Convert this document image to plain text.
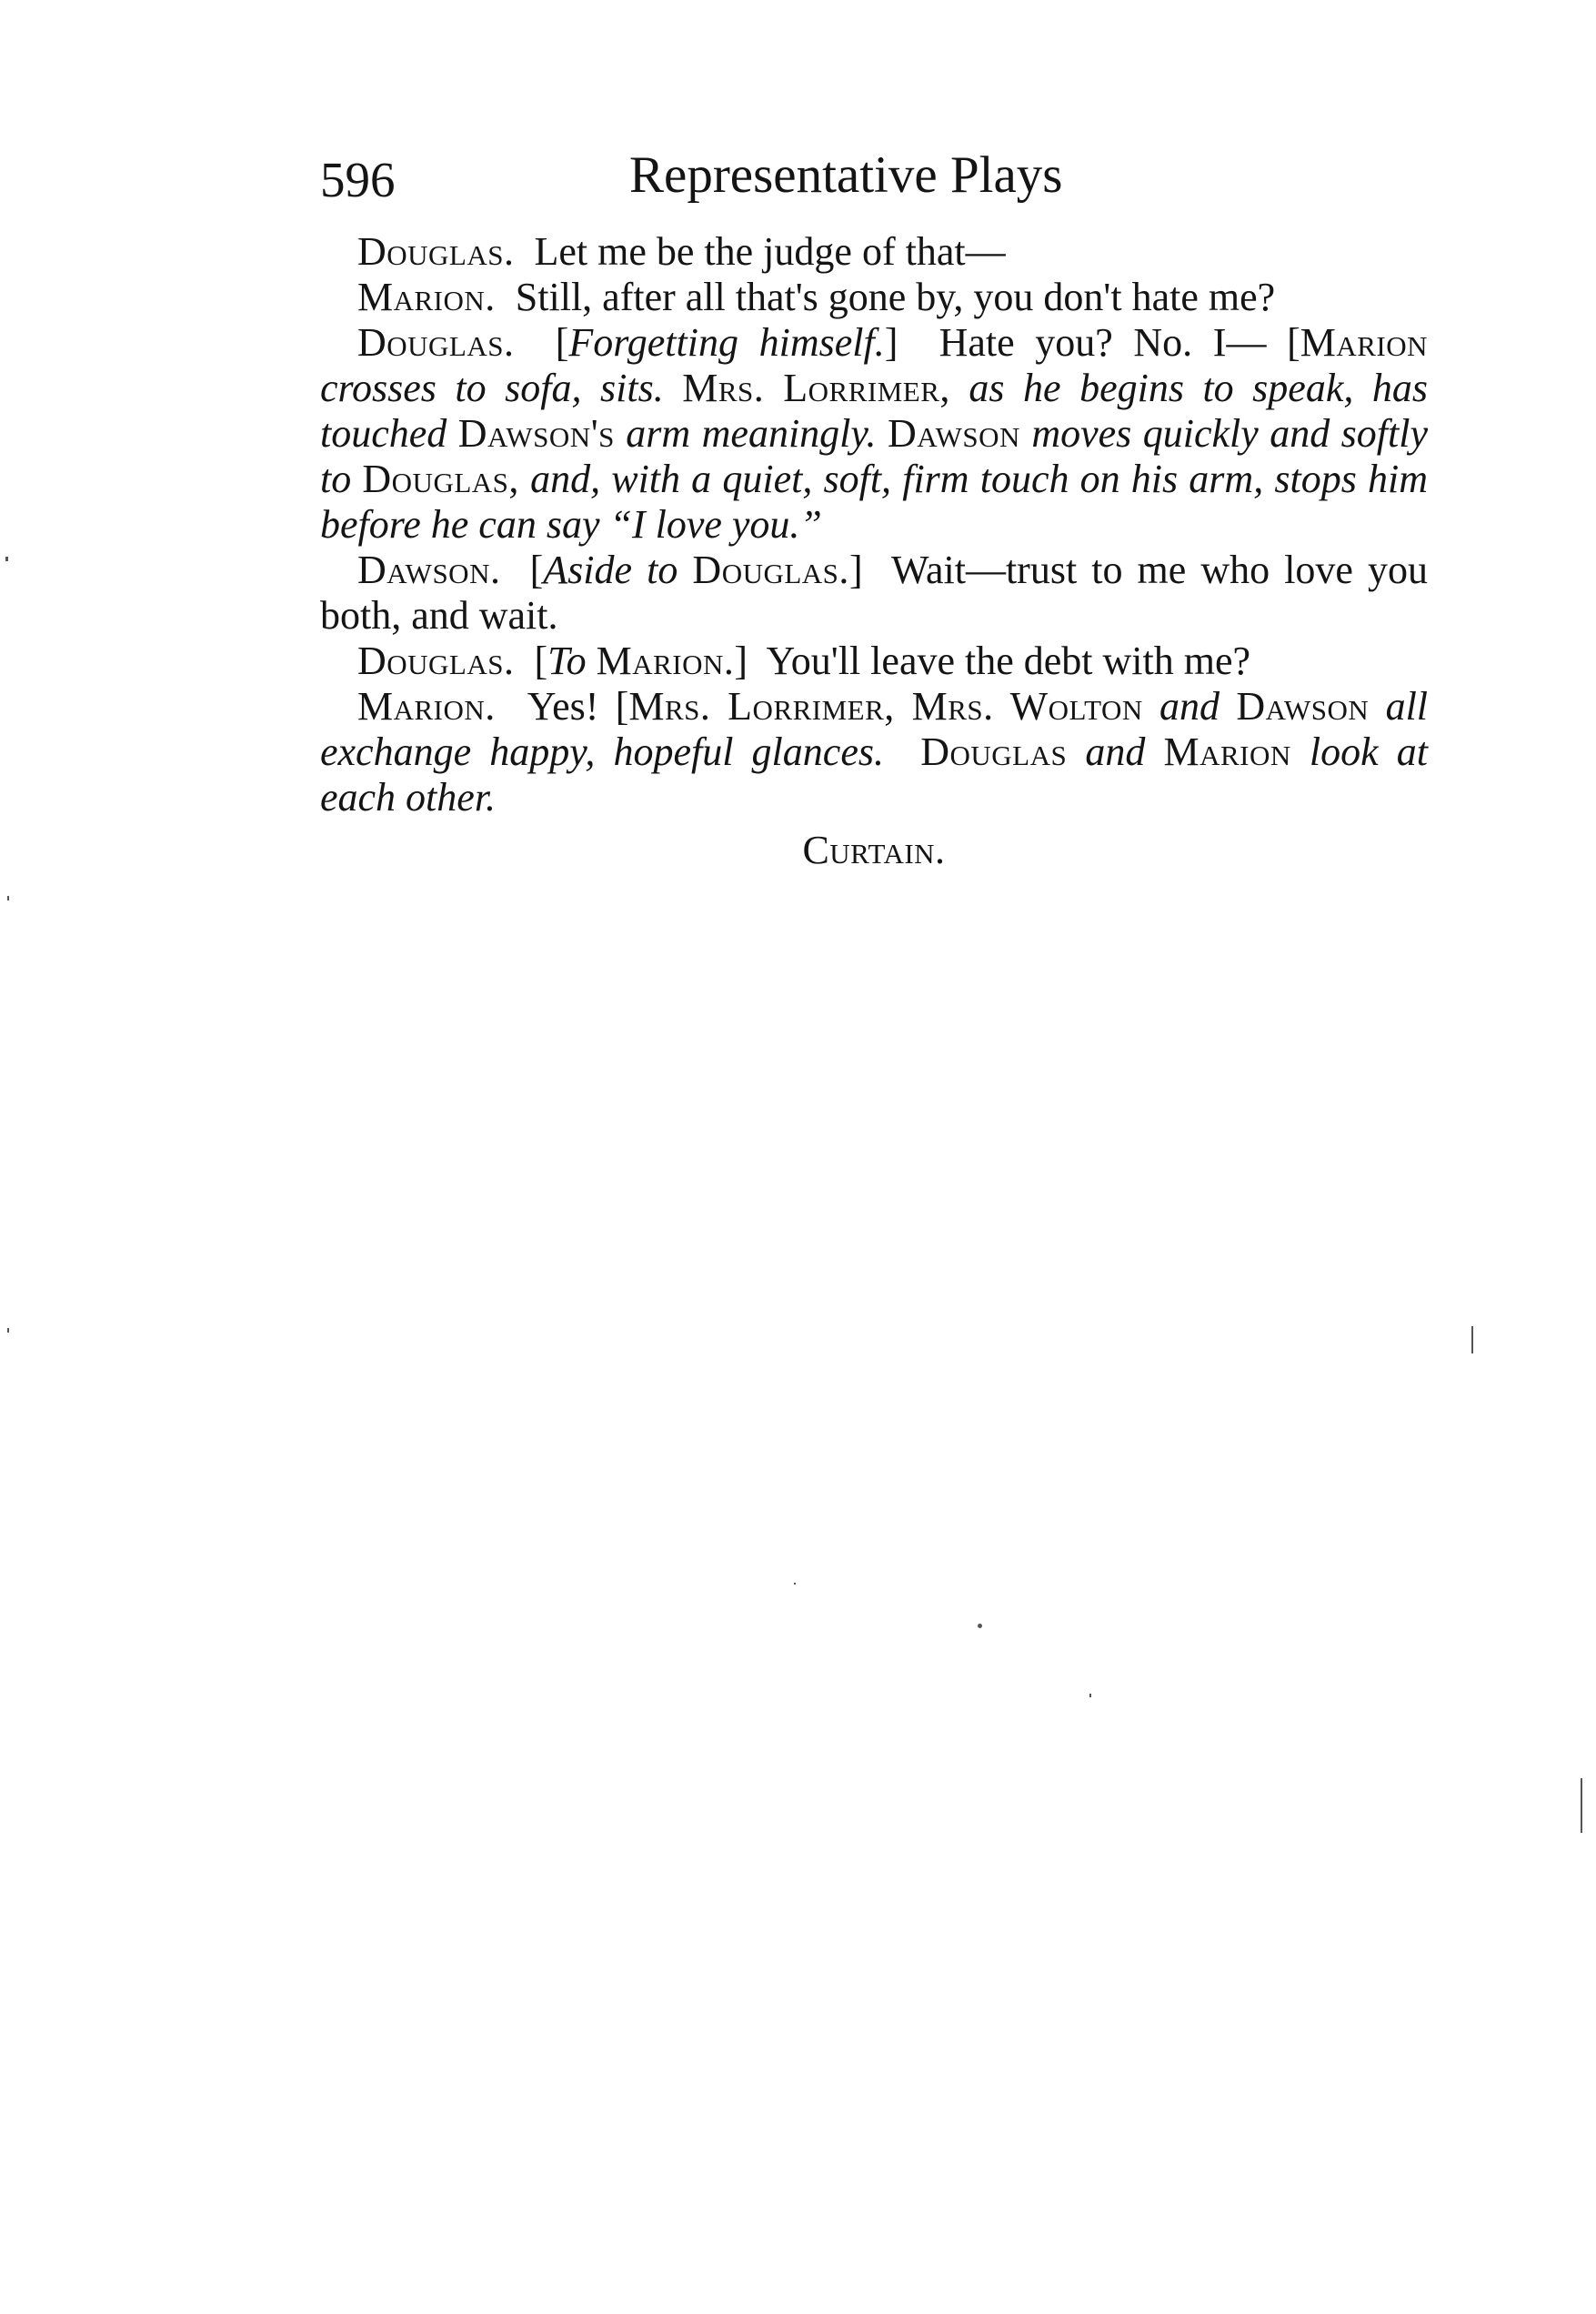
596	Representative Plays

Douglas. Let me be the judge of that—

Marion. Still, after all that's gone by, you don't hate me?

Douglas. [Forgetting himself.] Hate you? No. I— [Marion crosses to sofa, sits. Mrs. Lorrimer, as he begins to speak, has touched Dawson's arm meaningly. Dawson moves quickly and softly to Douglas, and, with a quiet, soft, firm touch on his arm, stops him before he can say “I love you.”

Dawson. [Aside to Douglas.] Wait—trust to me who love you both, and wait.

Douglas. [To Marion.] You'll leave the debt with me?

Marion. Yes! [Mrs. Lorrimer, Mrs. Wolton and Dawson all exchange happy, hopeful glances. Douglas and Marion look at each other.

Curtain.
